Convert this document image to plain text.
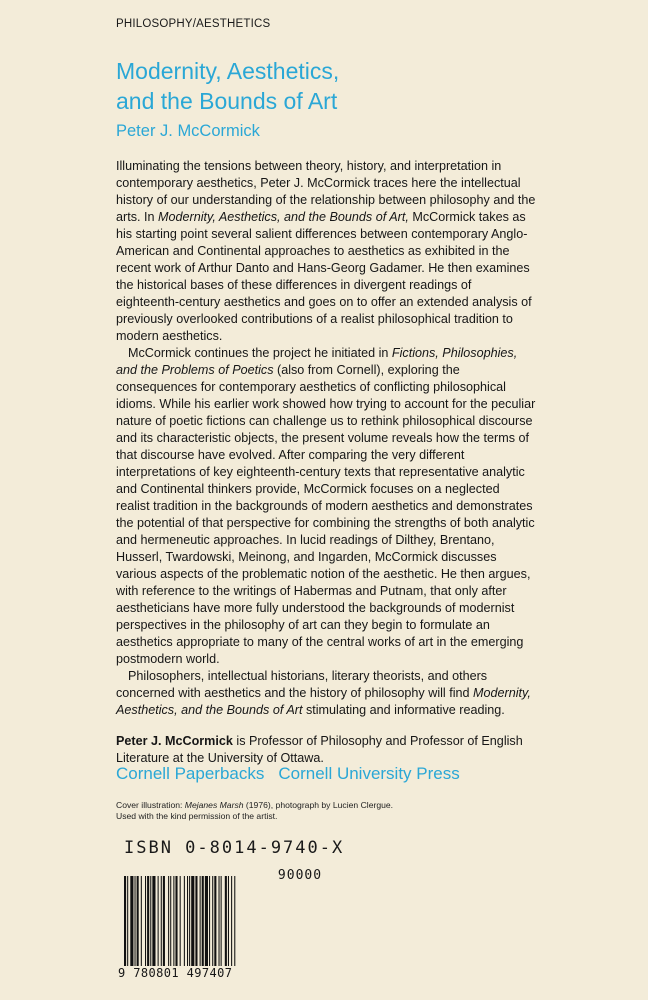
PHILOSOPHY/AESTHETICS
Modernity, Aesthetics,
and the Bounds of Art
Peter J. McCormick

Illuminating the tensions between theory, history, and interpretation in contemporary aesthetics, Peter J. McCormick traces here the intellectual history of our understanding of the relationship between philosophy and the arts. In Modernity, Aesthetics, and the Bounds of Art, McCormick takes as his starting point several salient differences between contemporary Anglo-American and Continental approaches to aesthetics as exhibited in the recent work of Arthur Danto and Hans-Georg Gadamer. He then examines the historical bases of these differences in divergent readings of eighteenth-century aesthetics and goes on to offer an extended analysis of previously overlooked contributions of a realist philosophical tradition to modern aesthetics.

McCormick continues the project he initiated in Fictions, Philosophies, and the Problems of Poetics (also from Cornell), exploring the consequences for contemporary aesthetics of conflicting philosophical idioms. While his earlier work showed how trying to account for the peculiar nature of poetic fictions can challenge us to rethink philosophical discourse and its characteristic objects, the present volume reveals how the terms of that discourse have evolved. After comparing the very different interpretations of key eighteenth-century texts that representative analytic and Continental thinkers provide, McCormick focuses on a neglected realist tradition in the backgrounds of modern aesthetics and demonstrates the potential of that perspective for combining the strengths of both analytic and hermeneutic approaches. In lucid readings of Dilthey, Brentano, Husserl, Twardowski, Meinong, and Ingarden, McCormick discusses various aspects of the problematic notion of the aesthetic. He then argues, with reference to the writings of Habermas and Putnam, that only after aestheticians have more fully understood the backgrounds of modernist perspectives in the philosophy of art can they begin to formulate an aesthetics appropriate to many of the central works of art in the emerging postmodern world.

Philosophers, intellectual historians, literary theorists, and others concerned with aesthetics and the history of philosophy will find Modernity, Aesthetics, and the Bounds of Art stimulating and informative reading.

Peter J. McCormick is Professor of Philosophy and Professor of English Literature at the University of Ottawa.

Cornell Paperbacks Cornell University Press
Cover illustration: Mejanes Marsh (1976), photograph by Lucien Clergue.
Used with the kind permission of the artist.
ISBN 0-8014-9740-X
9 780801 497407
90000
